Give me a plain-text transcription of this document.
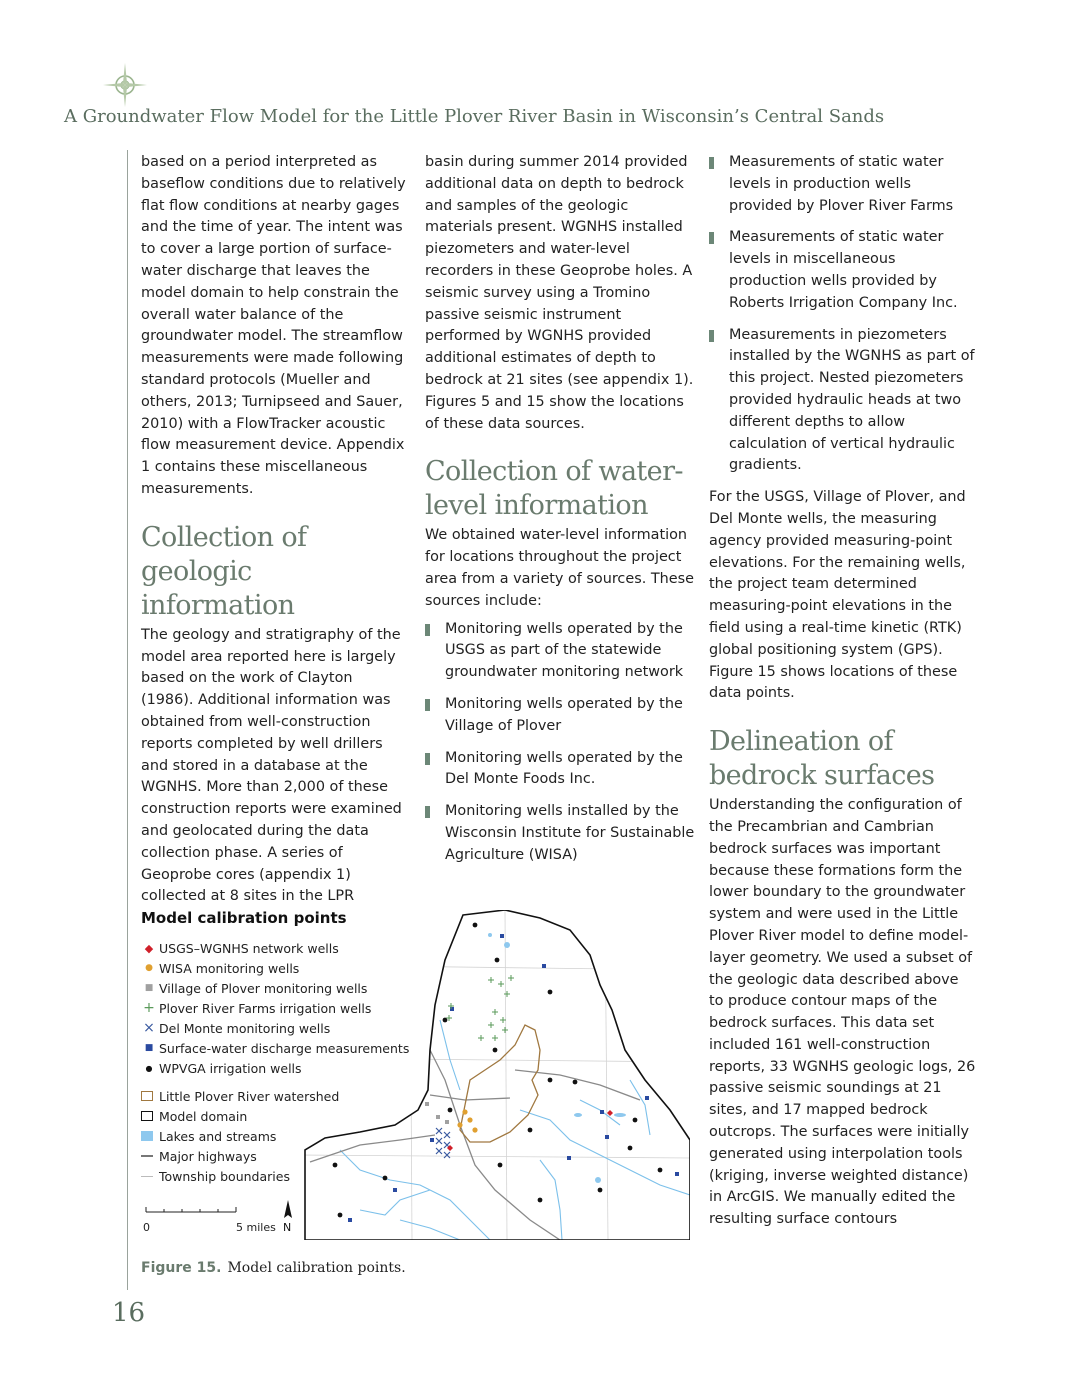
A Groundwater Flow Model for the Little Plover River Basin in Wisconsin’s Central Sands

based on a period interpreted as baseflow conditions due to relatively flat flow conditions at nearby gages and the time of year. The intent was to cover a large portion of surface-water discharge that leaves the model domain to help constrain the overall water balance of the groundwater model. The streamflow measurements were made following standard protocols (Mueller and others, 2013; Turnipseed and Sauer, 2010) with a FlowTracker acoustic flow measurement device. Appendix 1 contains these miscellaneous measurements.

Collection of geologic information

The geology and stratigraphy of the model area reported here is largely based on the work of Clayton (1986). Additional information was obtained from well-construction reports completed by well drillers and stored in a database at the WGNHS. More than 2,000 of these construction reports were examined and geolocated during the data collection phase. A series of Geoprobe cores (appendix 1) collected at 8 sites in the LPR

basin during summer 2014 provided additional data on depth to bedrock and samples of the geologic materials present. WGNHS installed piezometers and water-level recorders in these Geoprobe holes. A seismic survey using a Tromino passive seismic instrument performed by WGNHS provided additional estimates of depth to bedrock at 21 sites (see appendix 1). Figures 5 and 15 show the locations of these data sources.

Collection of water-level information

We obtained water-level information for locations throughout the project area from a variety of sources. These sources include:

Monitoring wells operated by the USGS as part of the statewide groundwater monitoring network
Monitoring wells operated by the Village of Plover
Monitoring wells operated by the Del Monte Foods Inc.
Monitoring wells installed by the Wisconsin Institute for Sustainable Agriculture (WISA)
Measurements of static water levels in production wells provided by Plover River Farms
Measurements of static water levels in miscellaneous production wells provided by Roberts Irrigation Company Inc.
Measurements in piezometers installed by the WGNHS as part of this project. Nested piezometers provided hydraulic heads at two different depths to allow calculation of vertical hydraulic gradients.

For the USGS, Village of Plover, and Del Monte wells, the measuring agency provided measuring-point elevations. For the remaining wells, the project team determined measuring-point elevations in the field using a real-time kinetic (RTK) global positioning system (GPS). Figure 15 shows locations of these data points.

Delineation of bedrock surfaces

Understanding the configuration of the Precambrian and Cambrian bedrock surfaces was important because these formations form the lower boundary to the groundwater system and were used in the Little Plover River model to define model-layer geometry. We used a subset of the geologic data described above to produce contour maps of the bedrock surfaces. This data set included 161 well-construction reports, 33 WGNHS geologic logs, 26 passive seismic soundings at 21 sites, and 17 mapped bedrock outcrops. The surfaces were initially generated using interpolation tools (kriging, inverse weighted distance) in ArcGIS. We manually edited the resulting surface contours

Model calibration points
◆ USGS–WGNHS network wells
● WISA monitoring wells
■ Village of Plover monitoring wells
+ Plover River Farms irrigation wells
× Del Monte monitoring wells
■ Surface-water discharge measurements
● WPVGA irrigation wells
Little Plover River watershed
Model domain
Lakes and streams
Major highways
Township boundaries
0	5 miles N
Figure 15. Model calibration points.
16
